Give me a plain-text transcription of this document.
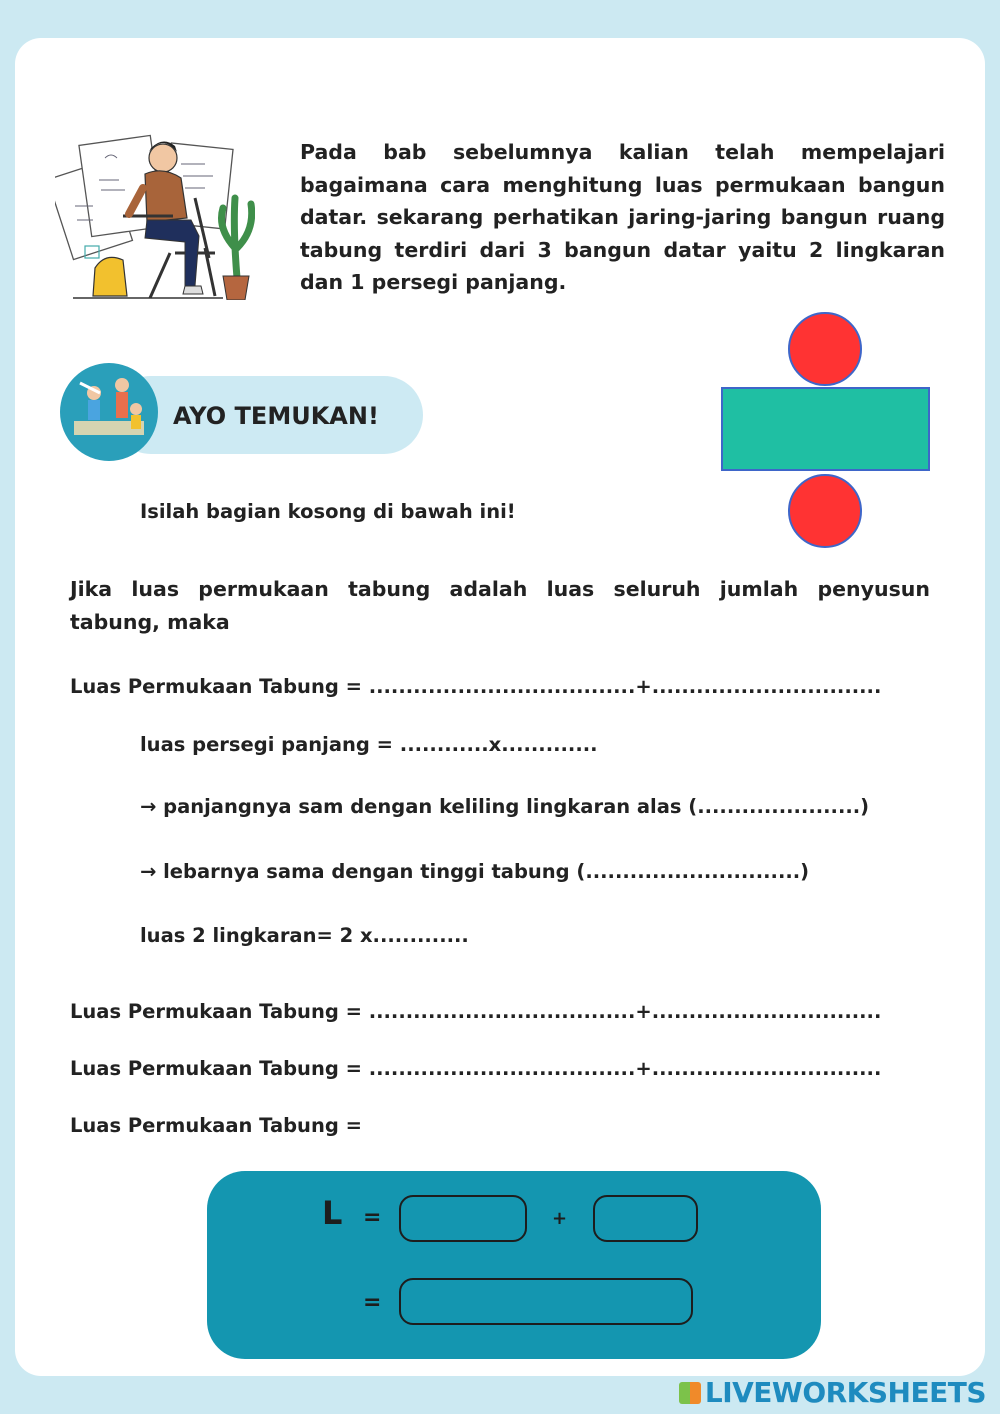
Pada bab sebelumnya kalian telah mempelajari bagaimana cara menghitung luas permukaan bangun datar. sekarang perhatikan jaring-jaring bangun ruang tabung terdiri dari 3 bangun datar yaitu 2 lingkaran dan 1 persegi panjang.
AYO TEMUKAN!
Isilah bagian kosong di bawah ini!
Jika luas permukaan tabung adalah luas seluruh jumlah penyusun tabung, maka
Luas Permukaan Tabung = ....................................+...............................
luas persegi panjang = ............x.............
→ panjangnya sam dengan keliling lingkaran alas (......................)
→ lebarnya sama dengan tinggi tabung (.............................)
luas 2 lingkaran= 2 x.............
Luas Permukaan Tabung = ....................................+...............................
Luas Permukaan Tabung = ....................................+...............................
Luas Permukaan Tabung =
L =	+
=
LIVEWORKSHEETS
